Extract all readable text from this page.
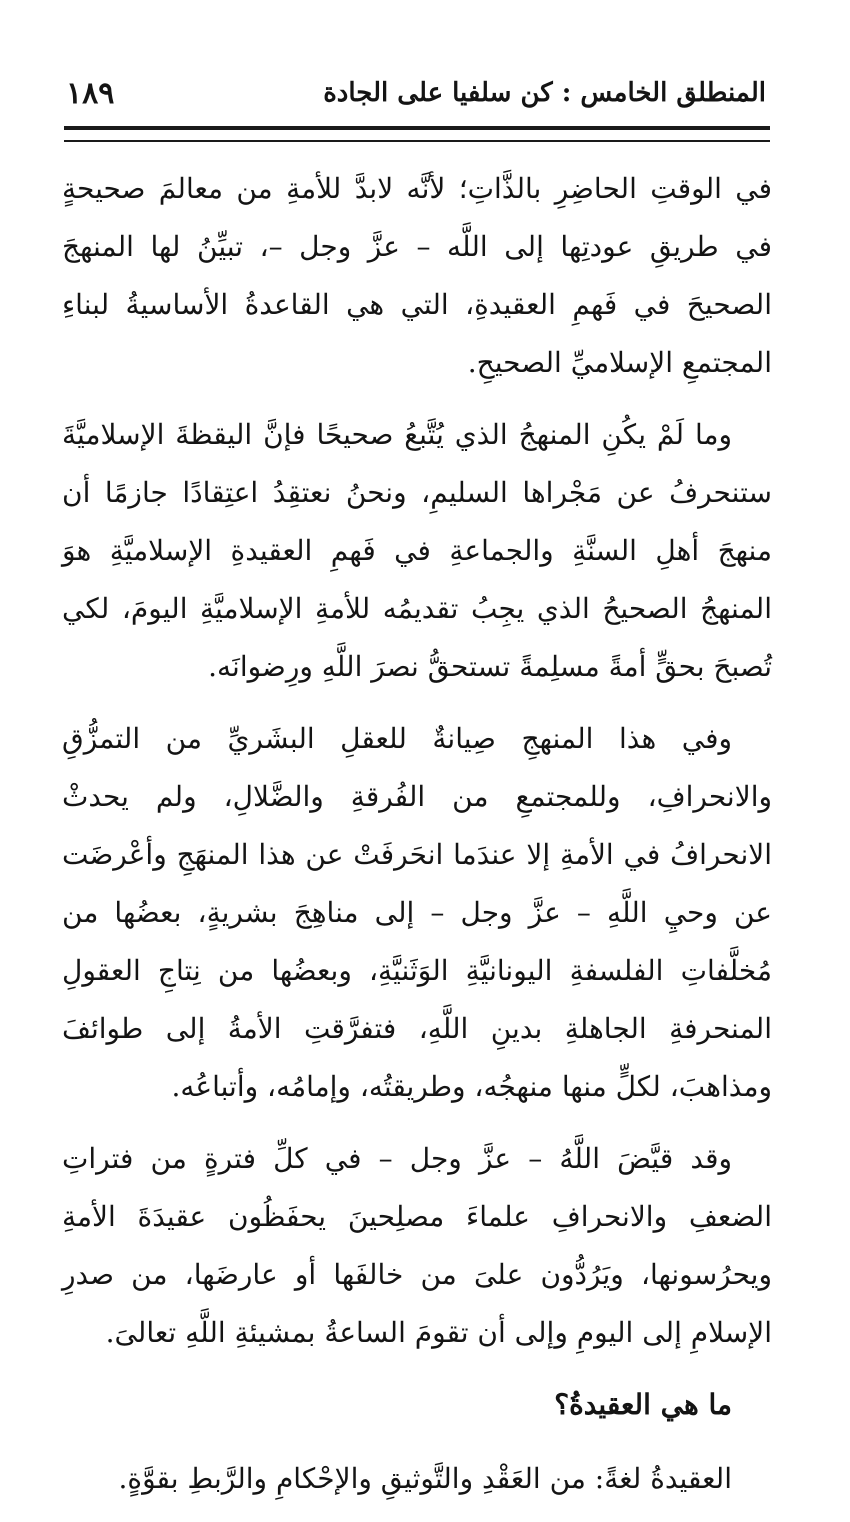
١٨٩	المنطلق الخامس : كن سلفيا على الجادة

في الوقتِ الحاضِرِ بالذَّاتِ؛ لأنَّه لابدَّ للأمةِ من معالمَ صحيحةٍ في طريقِ عودتِها إلى اللَّه – عزَّ وجل –، تبيِّنُ لها المنهجَ الصحيحَ في فَهمِ العقيدةِ، التي هي القاعدةُ الأساسيةُ لبناءِ المجتمعِ الإسلاميِّ الصحيحِ.

وما لَمْ يكُنِ المنهجُ الذي يُتَّبعُ صحيحًا فإنَّ اليقظةَ الإسلاميَّةَ ستنحرفُ عن مَجْراها السليمِ، ونحنُ نعتقِدُ اعتِقادًا جازمًا أن منهجَ أهلِ السنَّةِ والجماعةِ في فَهمِ العقيدةِ الإسلاميَّةِ هوَ المنهجُ الصحيحُ الذي يجِبُ تقديمُه للأمةِ الإسلاميَّةِ اليومَ، لكي تُصبحَ بحقٍّ أمةً مسلِمةً تستحقُّ نصرَ اللَّهِ ورِضوانَه.

وفي هذا المنهجِ صِيانةٌ للعقلِ البشَريِّ من التمزُّقِ والانحرافِ، وللمجتمعِ من الفُرقةِ والضَّلالِ، ولم يحدثْ الانحرافُ في الأمةِ إلا عندَما انحَرفَتْ عن هذا المنهَجِ وأعْرضَت عن وحيِ اللَّهِ – عزَّ وجل – إلى مناهِجَ بشريةٍ، بعضُها من مُخلَّفاتِ الفلسفةِ اليونانيَّةِ الوَثَنيَّةِ، وبعضُها من نِتاجِ العقولِ المنحرفةِ الجاهلةِ بدينِ اللَّهِ، فتفرَّقتِ الأمةُ إلى طوائفَ ومذاهبَ، لكلٍّ منها منهجُه، وطريقتُه، وإمامُه، وأتباعُه.

وقد قيَّضَ اللَّهُ – عزَّ وجل – في كلِّ فترةٍ من فتراتِ الضعفِ والانحرافِ علماءَ مصلِحينَ يحفَظُون عقيدَةَ الأمةِ ويحرُسونها، ويَرُدُّون علىَ من خالفَها أو عارضَها، من صدرِ الإسلامِ إلى اليومِ وإلى أن تقومَ الساعةُ بمشيئةِ اللَّهِ تعالىَ.

ما هي العقيدةُ؟

العقيدةُ لغةً: من العَقْدِ والتَّوثيقِ والإحْكامِ والرَّبطِ بقوَّةٍ.
